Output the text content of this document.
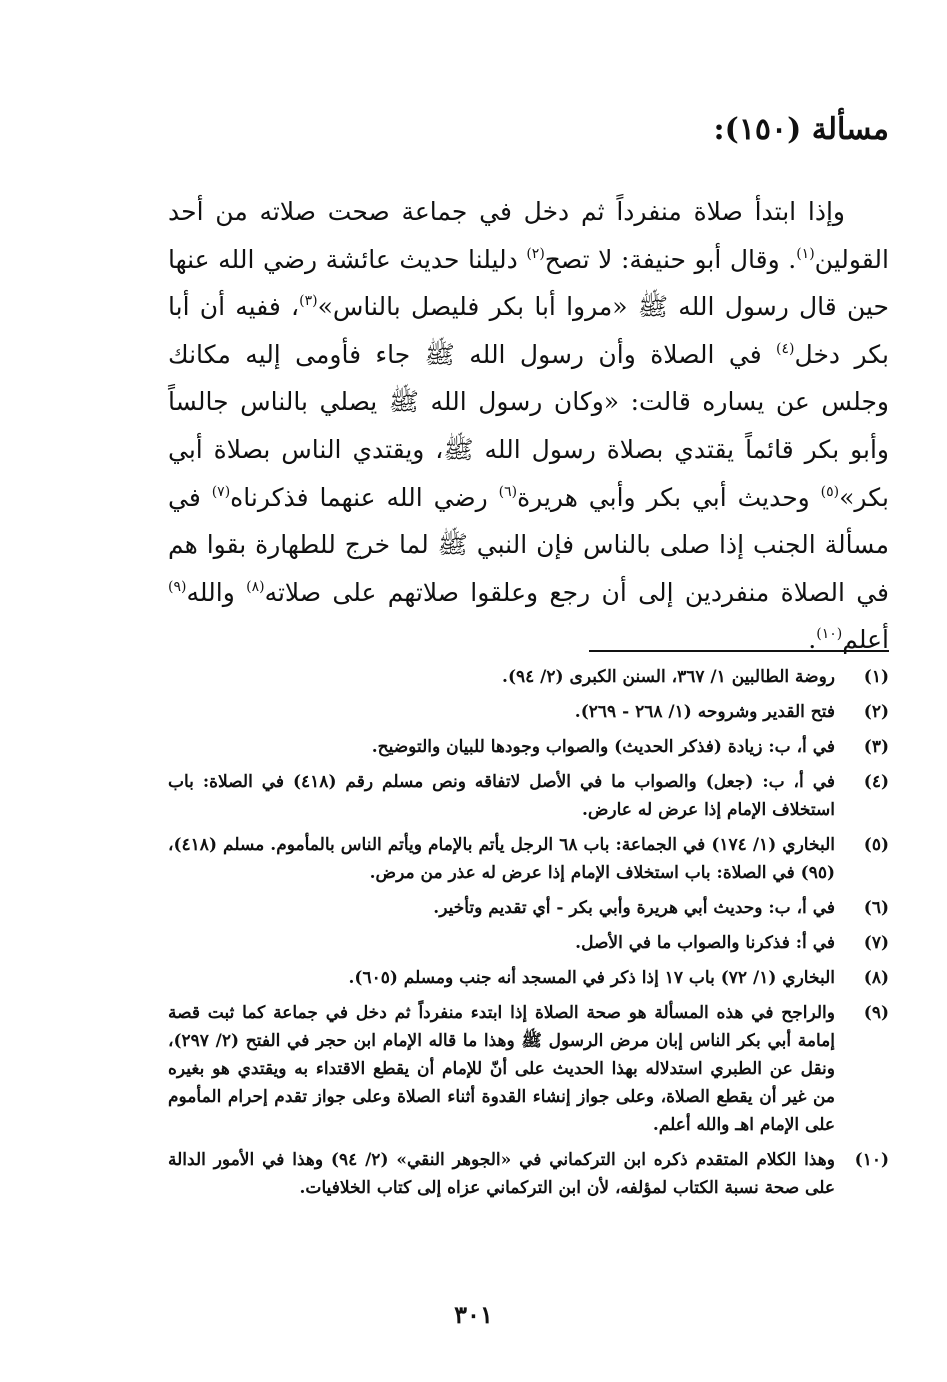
مسألة (١٥٠):

وإذا ابتدأ صلاة منفرداً ثم دخل في جماعة صحت صلاته من أحد القولين$^{(١)}$. وقال أبو حنيفة: لا تصح$^{(٢)}$ دليلنا حديث عائشة رضي الله عنها حين قال رسول الله ﷺ «مروا أبا بكر فليصل بالناس»$^{(٣)}$، ففيه أن أبا بكر دخل$^{(٤)}$ في الصلاة وأن رسول الله ﷺ جاء فأومى إليه مكانك وجلس عن يساره قالت: «وكان رسول الله ﷺ يصلي بالناس جالساً وأبو بكر قائماً يقتدي بصلاة رسول الله ﷺ، ويقتدي الناس بصلاة أبي بكر»$^{(٥)}$ وحديث أبي بكر وأبي هريرة$^{(٦)}$ رضي الله عنهما فذكرناه$^{(٧)}$ في مسألة الجنب إذا صلى بالناس فإن النبي ﷺ لما خرج للطهارة بقوا هم في الصلاة منفردين إلى أن رجع وعلقوا صلاتهم على صلاته$^{(٨)}$ والله$^{(٩)}$ أعلم$^{(١٠)}$.

(١)
روضة الطالبين ١/ ٣٦٧، السنن الكبرى (٢/ ٩٤).
(٢)
فتح القدير وشروحه (١/ ٢٦٨ - ٢٦٩).
(٣)
في أ، ب: زيادة (فذكر الحديث) والصواب وجودها للبيان والتوضيح.
(٤)
في أ، ب: (جعل) والصواب ما في الأصل لاتفاقه ونص مسلم رقم (٤١٨) في الصلاة: باب استخلاف الإمام إذا عرض له عارض.
(٥)
البخاري (١/ ١٧٤) في الجماعة: باب ٦٨ الرجل يأتم بالإمام ويأتم الناس بالمأموم. مسلم (٤١٨)، (٩٥) في الصلاة: باب استخلاف الإمام إذا عرض له عذر من مرض.
(٦)
في أ، ب: وحديث أبي هريرة وأبي بكر - أي تقديم وتأخير.
(٧)
في أ: فذكرنا والصواب ما في الأصل.
(٨)
البخاري (١/ ٧٢) باب ١٧ إذا ذكر في المسجد أنه جنب ومسلم (٦٠٥).
(٩)
والراجح في هذه المسألة هو صحة الصلاة إذا ابتدء منفرداً ثم دخل في جماعة كما ثبت قصة إمامة أبي بكر الناس إبان مرض الرسول ﷺ وهذا ما قاله الإمام ابن حجر في الفتح (٢/ ٢٩٧)، ونقل عن الطبري استدلاله بهذا الحديث على أنّ للإمام أن يقطع الاقتداء به ويقتدي هو بغيره من غير أن يقطع الصلاة، وعلى جواز إنشاء القدوة أثناء الصلاة وعلى جواز تقدم إحرام المأموم على الإمام اهـ والله أعلم.
(١٠)
وهذا الكلام المتقدم ذكره ابن التركماني في «الجوهر النقي» (٢/ ٩٤) وهذا في الأمور الدالة على صحة نسبة الكتاب لمؤلفه، لأن ابن التركماني عزاه إلى كتاب الخلافيات.
٣٠١
